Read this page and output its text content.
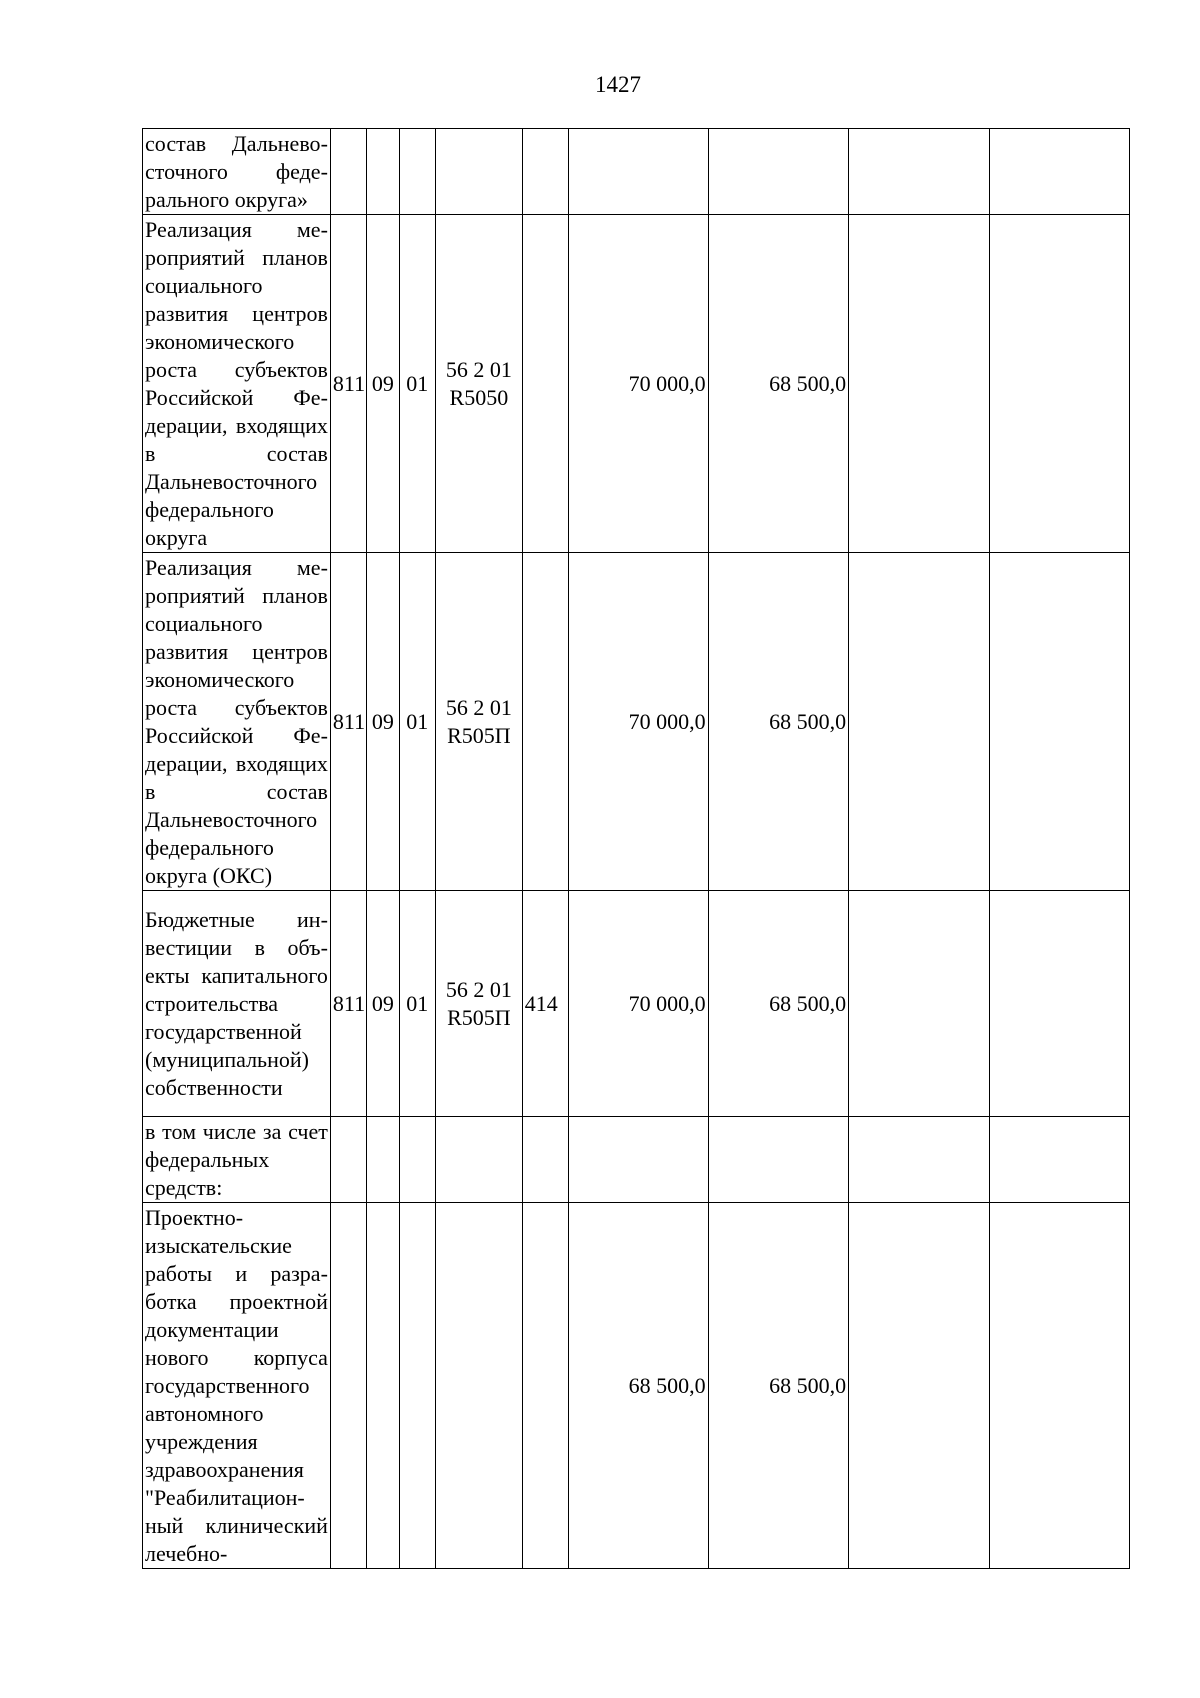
1427
состав Дальневосточного федерального округа»									
Реализация мероприятий планов социального развития центров экономического роста субъектов Российской Федерации, входящих в состав Дальневосточного федерального округа	811	09	01	56 2 01 R5050		70 000,0	68 500,0		
Реализация мероприятий планов социального развития центров экономического роста субъектов Российской Федерации, входящих в состав Дальневосточного федерального округа (ОКС)	811	09	01	56 2 01 R505П		70 000,0	68 500,0		
Бюджетные инвестиции в объекты капитального строительства государственной (муниципальной) собственности	811	09	01	56 2 01 R505П	414	70 000,0	68 500,0		
в том числе за счет федеральных средств:									
Проектно-изыскательские работы и разработка проектной документации нового корпуса государственного автономного учреждения здравоохранения "Реабилитационный клинический лечебно-						68 500,0	68 500,0		
